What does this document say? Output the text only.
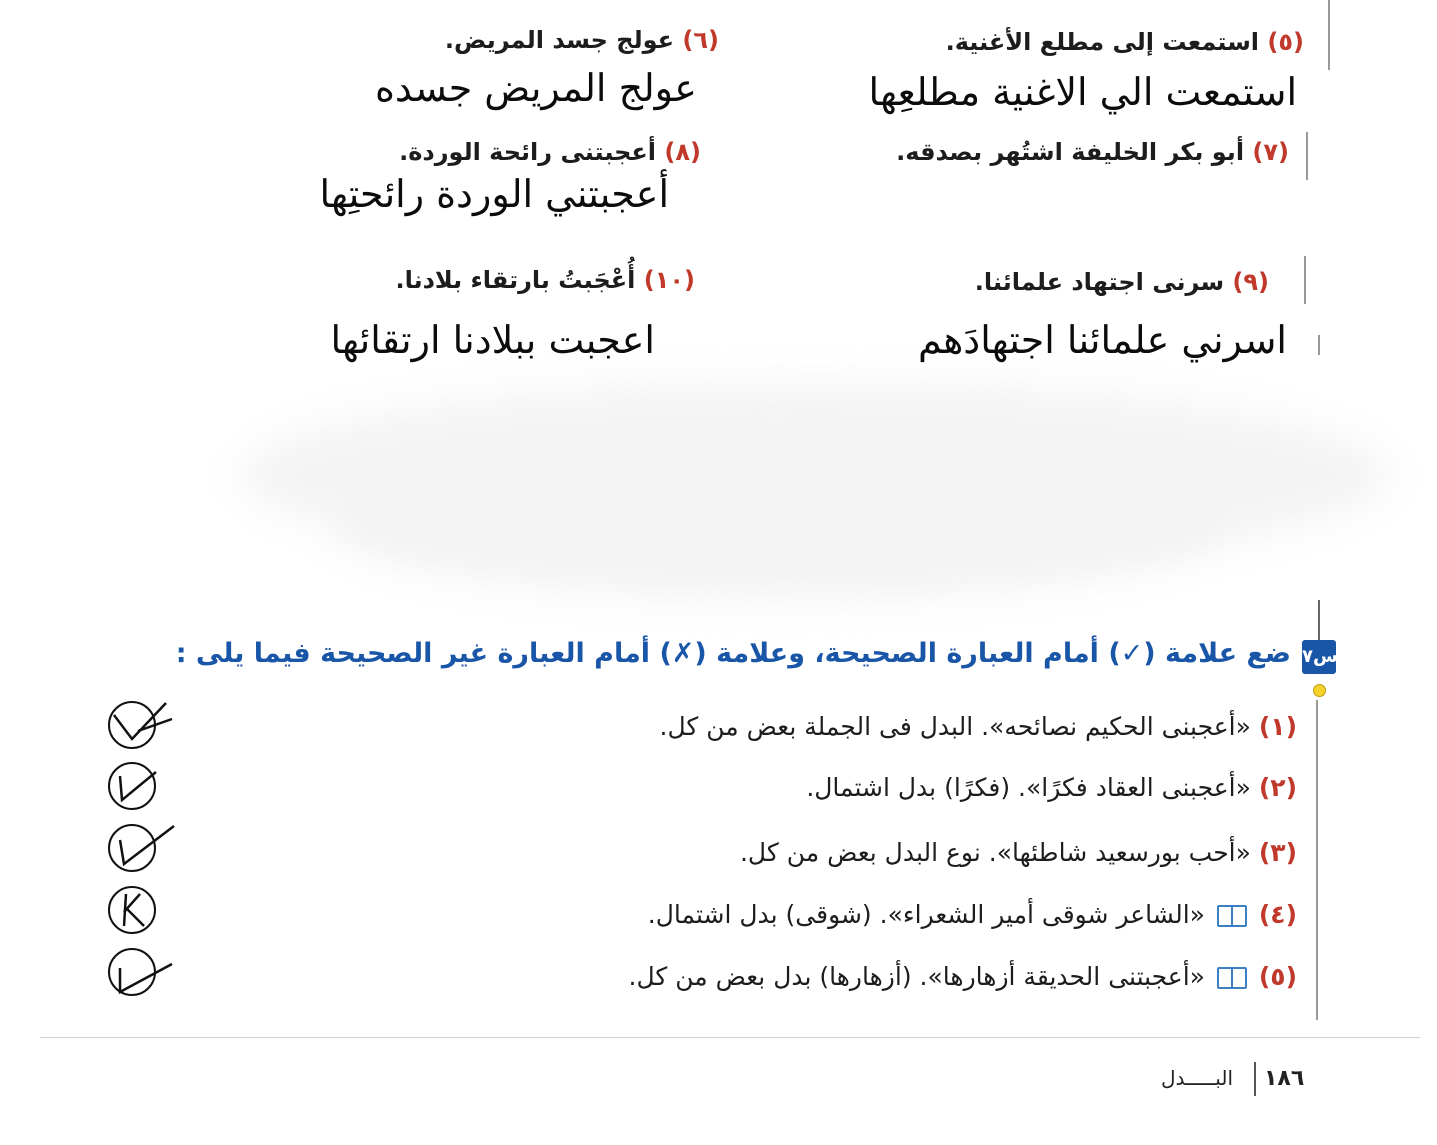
(٥) استمعت إلى مطلع الأغنية.
استمعت الي الاغنية مطلعِها
(٦) عولج جسد المريض.
عولج المريض جسده
(٧) أبو بكر الخليفة اشتُهر بصدقه.
(٨) أعجبتنى رائحة الوردة.
أعجبتني الوردة رائحتِها
(٩) سرنى اجتهاد علمائنا.
اسرني علمائنا اجتهادَهم
(١٠) أُعْجَبتُ بارتقاء بلادنا.
اعجبت ببلادنا ارتقائها
س٧
ضع علامة (✓) أمام العبارة الصحيحة، وعلامة (✗) أمام العبارة غير الصحيحة فيما يلى :
(١) «أعجبنى الحكيم نصائحه». البدل فى الجملة بعض من كل.
(٢) «أعجبنى العقاد فكرًا». (فكرًا) بدل اشتمال.
(٣) «أحب بورسعيد شاطئها». نوع البدل بعض من كل.
(٤)  «الشاعر شوقى أمير الشعراء». (شوقى) بدل اشتمال.
(٥)  «أعجبتنى الحديقة أزهارها». (أزهارها) بدل بعض من كل.
١٨٦
البـــــدل
